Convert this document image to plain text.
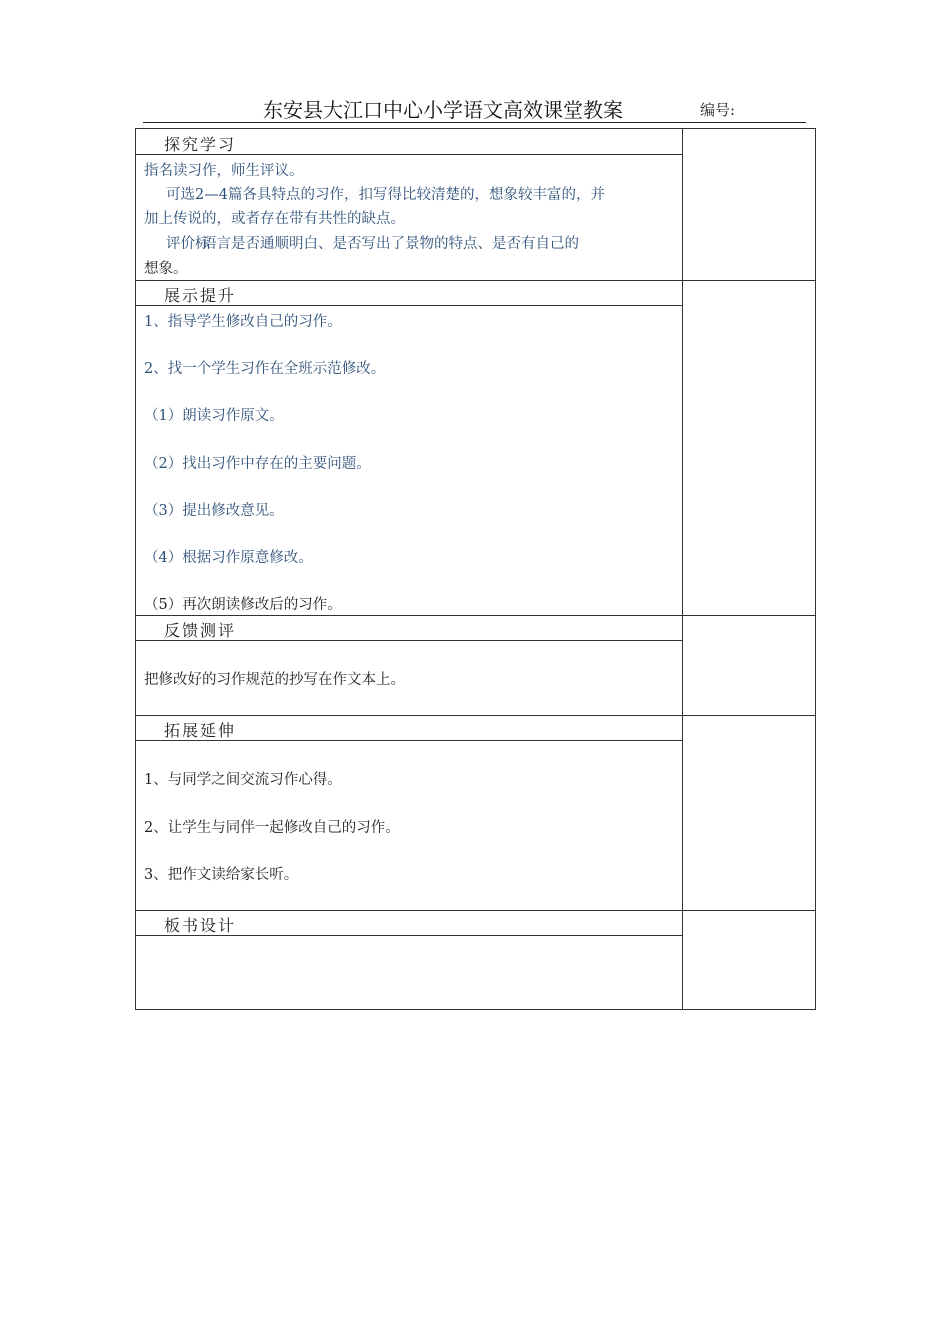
东安县大江口中心小学语文高效课堂教案	编号:
探究学习
指名读习作，师生评议。
可选2—4篇各具特点的习作，扣写得比较清楚的，想象较丰富的，并
加上传说的，或者存在带有共性的缺点。
评价标
语言是否通顺明白、是否写出了景物的特点、是否有自己的
想象。
展示提升
1、指导学生修改自己的习作。
2、找一个学生习作在全班示范修改。
（1）朗读习作原文。
（2）找出习作中存在的主要问题。
（3）提出修改意见。
（4）根据习作原意修改。
（5）再次朗读修改后的习作。
反馈测评
把修改好的习作规范的抄写在作文本上。
拓展延伸
1、与同学之间交流习作心得。
2、让学生与同伴一起修改自己的习作。
3、把作文读给家长听。
板书设计
